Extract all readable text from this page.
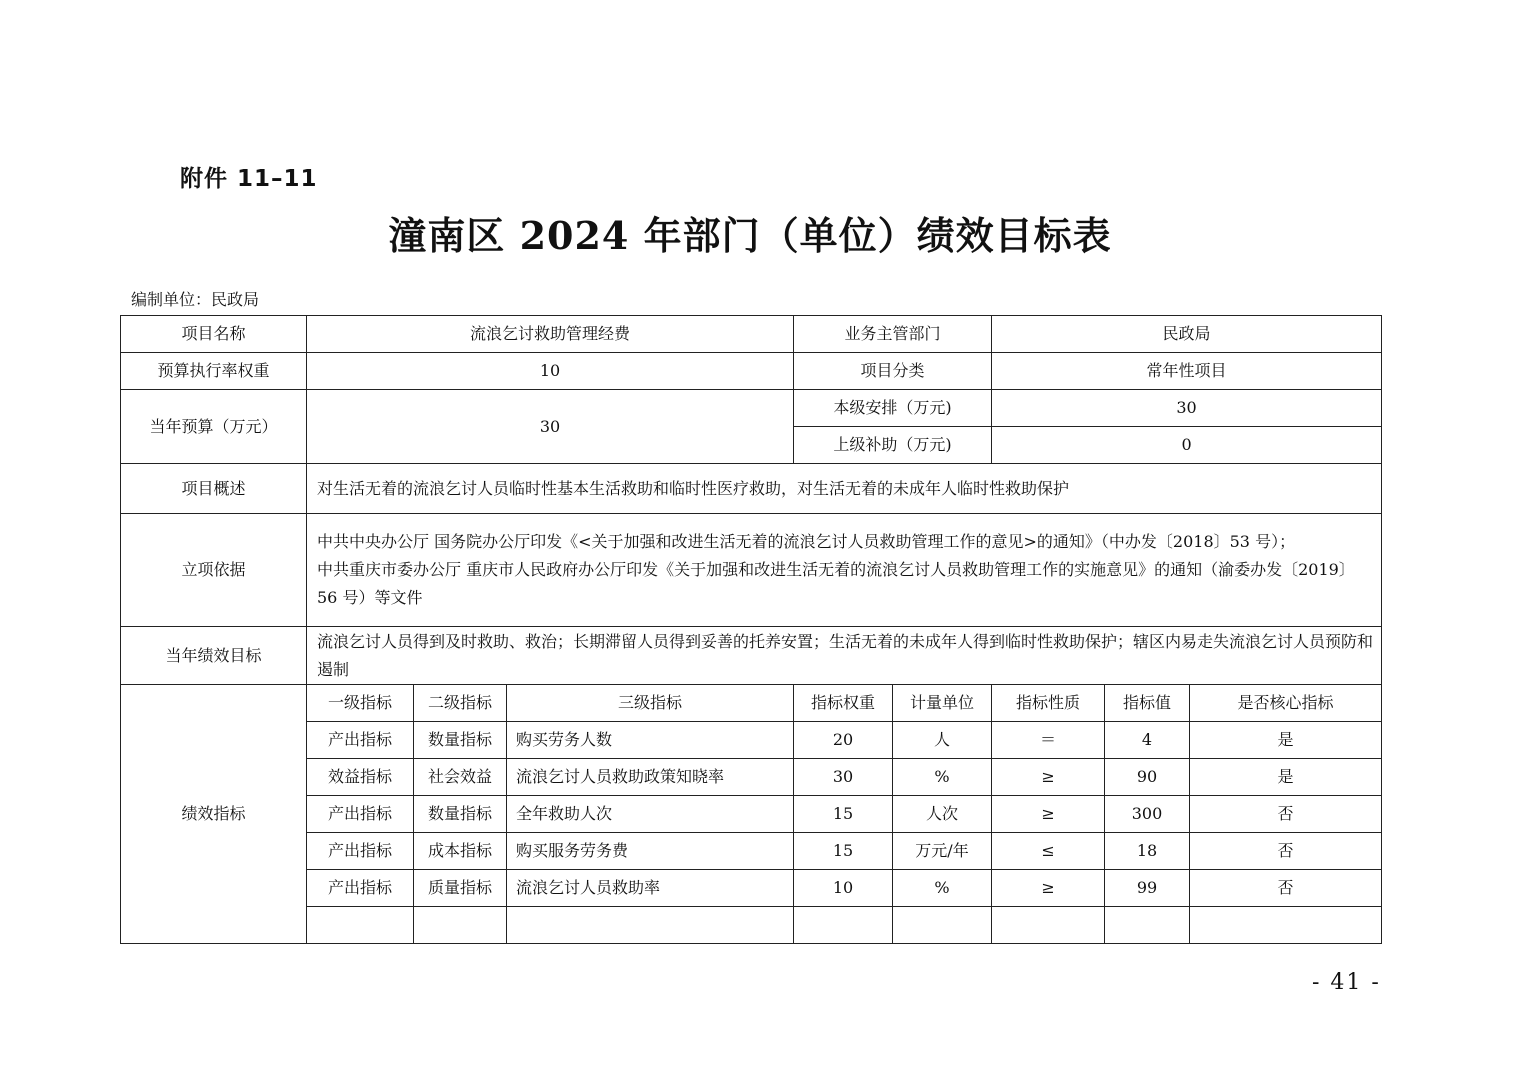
附件 11–11
潼南区 2024 年部门（单位）绩效目标表
编制单位：民政局
项目名称	流浪乞讨救助管理经费			业务主管部门		民政局		
预算执行率权重	10			项目分类		常年性项目		
当年预算（万元）	30			本级安排（万元)		30		
				上级补助（万元)		0		
项目概述	对生活无着的流浪乞讨人员临时性基本生活救助和临时性医疗救助，对生活无着的未成年人临时性救助保护							
立项依据	中共中央办公厅 国务院办公厅印发《<关于加强和改进生活无着的流浪乞讨人员救助管理工作的意见>的通知》（中办发〔2018〕53 号）；
中共重庆市委办公厅 重庆市人民政府办公厅印发《关于加强和改进生活无着的流浪乞讨人员救助管理工作的实施意见》的通知（渝委办发〔2019〕56 号）等文件							

当年绩效目标	流浪乞讨人员得到及时救助、救治；长期滞留人员得到妥善的托养安置；生活无着的未成年人得到临时性救助保护；辖区内易走失流浪乞讨人员预防和遏制							
绩效指标	一级指标	二级指标	三级指标	指标权重	计量单位	指标性质	指标值	是否核心指标
	产出指标	数量指标	购买劳务人数	20	人	＝	4	是
	效益指标	社会效益	流浪乞讨人员救助政策知晓率	30	%	≥	90	是
	产出指标	数量指标	全年救助人次	15	人次	≥	300	否
	产出指标	成本指标	购买服务劳务费	15	万元/年	≤	18	否
	产出指标	质量指标	流浪乞讨人员救助率	10	%	≥	99	否

- 41 -
